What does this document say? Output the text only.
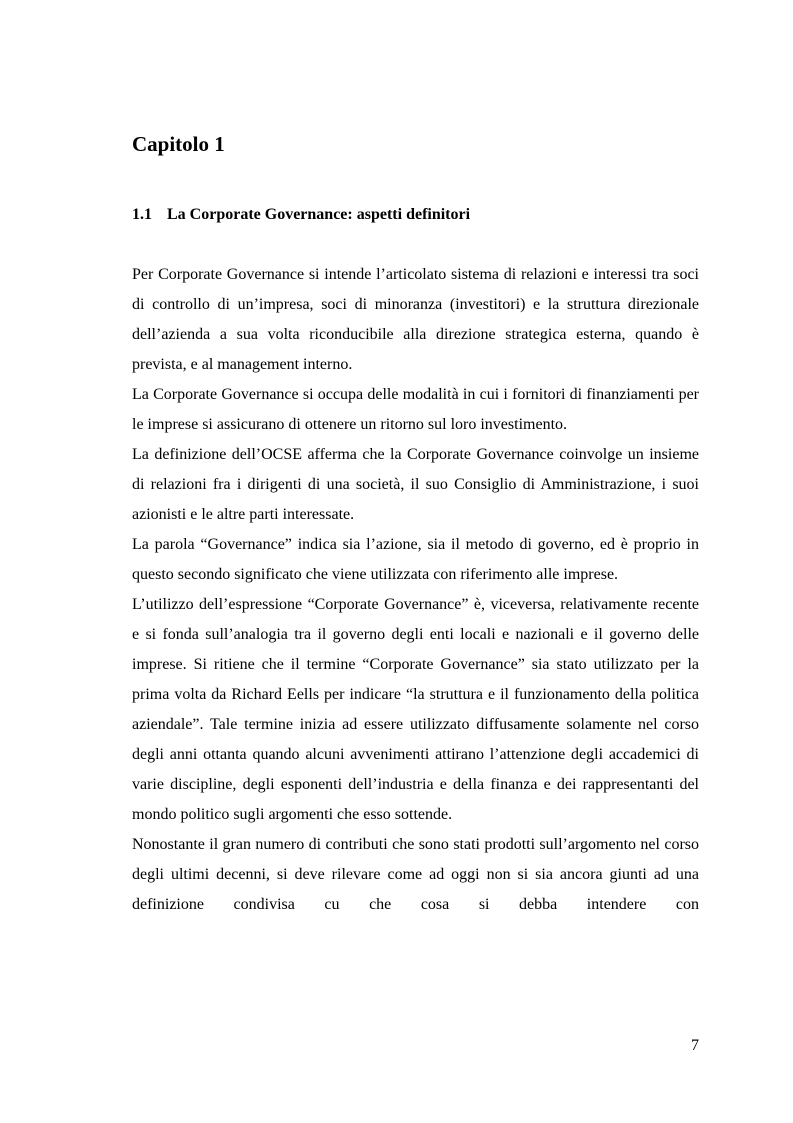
Capitolo 1
1.1 La Corporate Governance: aspetti definitori

Per Corporate Governance si intende l’articolato sistema di relazioni e interessi tra soci di controllo di un’impresa, soci di minoranza (investitori) e la struttura direzionale dell’azienda a sua volta riconducibile alla direzione strategica esterna, quando è prevista, e al management interno.

La Corporate Governance si occupa delle modalità in cui i fornitori di finanziamenti per le imprese si assicurano di ottenere un ritorno sul loro investimento.

La definizione dell’OCSE afferma che la Corporate Governance coinvolge un insieme di relazioni fra i dirigenti di una società, il suo Consiglio di Amministrazione, i suoi azionisti e le altre parti interessate.

La parola “Governance” indica sia l’azione, sia il metodo di governo, ed è proprio in questo secondo significato che viene utilizzata con riferimento alle imprese.

L’utilizzo dell’espressione “Corporate Governance” è, viceversa, relativamente recente e si fonda sull’analogia tra il governo degli enti locali e nazionali e il governo delle imprese. Si ritiene che il termine “Corporate Governance” sia stato utilizzato per la prima volta da Richard Eells per indicare “la struttura e il funzionamento della politica aziendale”. Tale termine inizia ad essere utilizzato diffusamente solamente nel corso degli anni ottanta quando alcuni avvenimenti attirano l’attenzione degli accademici di varie discipline, degli esponenti dell’industria e della finanza e dei rappresentanti del mondo politico sugli argomenti che esso sottende.

Nonostante il gran numero di contributi che sono stati prodotti sull’argomento nel corso degli ultimi decenni, si deve rilevare come ad oggi non si sia ancora giunti ad una definizione condivisa cu che cosa si debba intendere con

7
